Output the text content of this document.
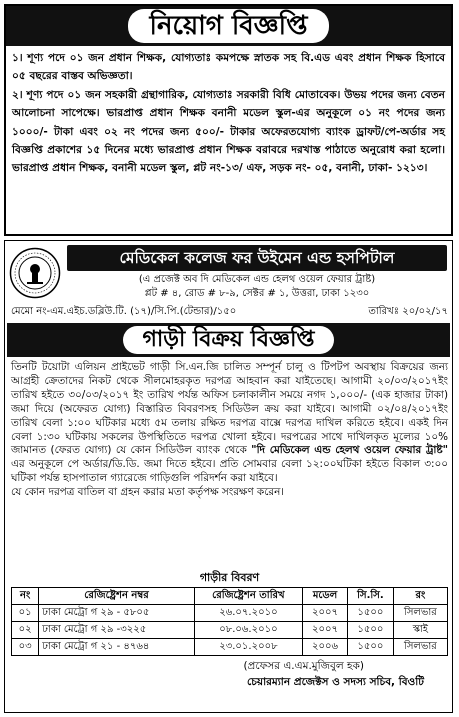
নিয়োগ বিজ্ঞপ্তি

১। শূণ্য পদে ০১ জন প্রধান শিক্ষক, যোগ্যতাঃ কমপক্ষে স্নাতক সহ বি.এড এবং প্রধান শিক্ষক হিসাবে ০৫ বছরের বাস্তব অভিজ্ঞতা।

২। শূণ্য পদে ০১ জন সহকারী গ্রন্থাগারিক, যোগ্যতাঃ সরকারী বিধি মোতাবেক। উভয় পদের জন্য বেতন আলোচনা সাপেক্ষে। ভারপ্রাপ্ত প্রধান শিক্ষক বনানী মডেল স্কুল-এর অনুকূলে ০১ নং পদের জন্য ১০০০/- টাকা এবং ০২ নং পদের জন্য ৫০০/- টাকার অফেরতযোগ্য ব্যাংক ড্রাফট/পে-অর্ডার সহ বিজ্ঞপ্তি প্রকাশের ১৫ দিনের মধ্যে ভারপ্রাপ্ত প্রধান শিক্ষক বরাবরে দরখাস্ত পাঠাতে অনুরোধ করা হলো। ভারপ্রাপ্ত প্রধান শিক্ষক, বনানী মডেল স্কুল, প্লট নং-১৩/ এফ, সড়ক নং- ০৫, বনানী, ঢাকা- ১২১৩।

মেডিকেল কলেজ ফর উইমেন এন্ড হসপিটাল
(এ প্রজেক্ট অব দি মেডিকেল এন্ড হেলথ ওয়েল ফেয়ার ট্রাষ্ট)
প্লট # ৪, রোড # ৮-৯, সেক্টর # ১, উত্তরা, ঢাকা ১২৩০
মেমো নং-এম.এইচ.ডব্লিউ.টি. (১৭)/সি.পি.(টেন্ডার)/১৫০	তারিখঃ ২০/০২/১৭
গাড়ী বিক্রয় বিজ্ঞপ্তি

তিনটি টয়োটা এলিয়ন প্রাইভেট গাড়ী সি.এন.জি চালিত সম্পূর্ন চালু ও টিপটপ অবস্থায় বিক্রয়ের জন্য আগ্রহী ক্রেতাদের নিকট থেকে সীলমোহরকৃত দরপত্র আহবান করা যাইতেছে। আগামী ২০/০৩/২০১৭ইং তারিখ হইতে ৩০/০৩/২০১৭ ইং তারিখ পর্যন্ত অফিস চলাকালীন সময়ে নগদ ১,০০০/- (এক হাজার টাকা) জমা দিয়ে (অফেরত যোগ্য) বিস্তারিত বিবরণসহ সিডিউল ক্রয় করা যাইবে। আগামী ০২/০৪/২০১৭ইং তারিখ বেলা ১:০০ ঘটিকার মধ্যে ৫ম তলায় রক্ষিত দরপত্র বাক্সে দরপত্র দাখিল করিতে হইবে। একই দিন বেলা ১:৩০ ঘটিকায় সকলের উপস্থিতিতে দরপত্র খোলা হইবে। দরপত্রের সাথে দাখিলকৃত মূল্যের ১০% জামানত (ফেরত যোগ্য) যে কোন সিডিউল ব্যাংক থেকে "দি মেডিকেল এন্ড হেলথ ওয়েল ফেয়ার ট্রাষ্ট" এর অনুকূলে পে অর্ডার/ডি.ডি. জমা দিতে হইবে। প্রতি সোমবার বেলা ১২:০০ঘটিকা হইতে বিকাল ৩:০০ ঘটিকা পর্যন্ত হাসপাতাল গ্যারেজে গাড়িগুলি পরিদর্শন করা যাইবে।

যে কোন দরপত্র বাতিল বা গ্রহন করার মতা কর্তৃপক্ষ সংরক্ষণ করেন।

গাড়ীর বিবরণ
নং	রেজিষ্ট্রেশন নম্বর	রেজিষ্ট্রেশন তারিখ	মডেল	সি.সি.	রং
০১	ঢাকা মেট্রো গ ২৯ - ৫৮০৫	২৬.০৭.২০১০	২০০৭	১৫০০	সিলভার
০২	ঢাকা মেট্রো গ ২৯ -৩২২৫	০৮.০৬.২০১০	২০০৭	১৫০০	স্কাই
০৩	ঢাকা মেট্রো গ ২১ - ৪৭৬৪	২৩.০১.২০০৮	২০০৬	১৫০০	সিলভার
(প্রফেসর এ.এম.মুজিবুল হক)
চেয়ারম্যান প্রজেক্টস ও সদস্য সচিব, বিওটি
